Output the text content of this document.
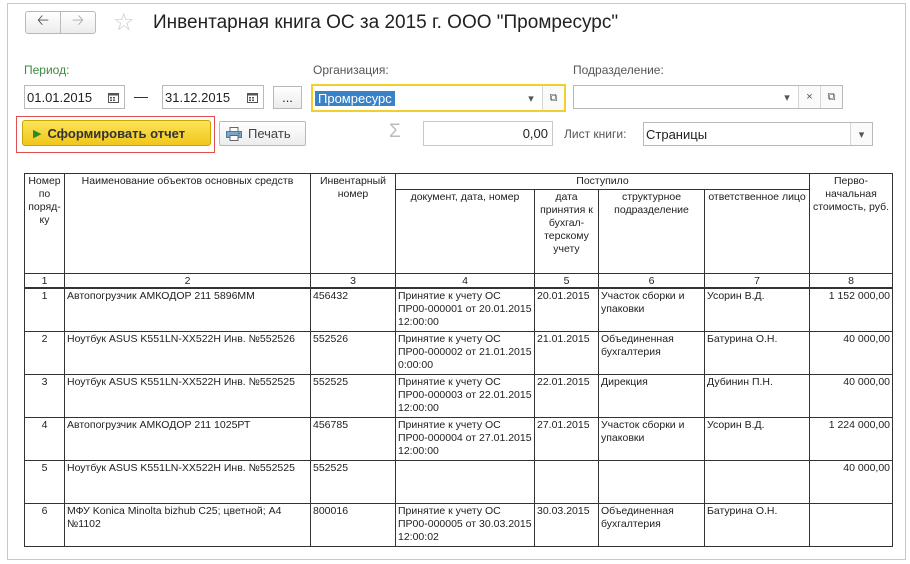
🡠 🡢 ☆ Инвентарная книга ОС за 2015 г. ООО "Промресурс"
Период:
01.01.2015	31.12.2015	...
Организация:
Промресурс	▾	⧉
Подразделение:
▾	×	⧉
▶ Сформировать отчет	Печать	Σ	0,00	Лист книги: Страницы	▾
Номер по поряд-ку	Наименование объектов основных средств	Инвентарный номер	Поступило				Перво-начальная стоимость, руб.
			документ, дата, номер	дата принятия к бухгал-терскому учету	структурное подразделение	ответственное лицо	
1	2	3	4	5	6	7	8
1	Автопогрузчик АМКОДОР 211 5896ММ	456432	Принятие к учету ОС ПР00-000001 от 20.01.2015 12:00:00	20.01.2015	Участок сборки и упаковки	Усорин В.Д.	1 152 000,00
2	Ноутбук ASUS K551LN-XX522H Инв. №552526	552526	Принятие к учету ОС ПР00-000002 от 21.01.2015 0:00:00	21.01.2015	Объединенная бухгалтерия	Батурина О.Н.	40 000,00
3	Ноутбук ASUS K551LN-XX522H Инв. №552525	552525	Принятие к учету ОС ПР00-000003 от 22.01.2015 12:00:00	22.01.2015	Дирекция	Дубинин П.Н.	40 000,00
4	Автопогрузчик АМКОДОР 211 1025РТ	456785	Принятие к учету ОС ПР00-000004 от 27.01.2015 12:00:00	27.01.2015	Участок сборки и упаковки	Усорин В.Д.	1 224 000,00
5	Ноутбук ASUS K551LN-XX522H Инв. №552525	552525					40 000,00
6	МФУ Konica Minolta bizhub C25; цветной; А4 №1102	800016	Принятие к учету ОС ПР00-000005 от 30.03.2015 12:00:02	30.03.2015	Объединенная бухгалтерия	Батурина О.Н.	
